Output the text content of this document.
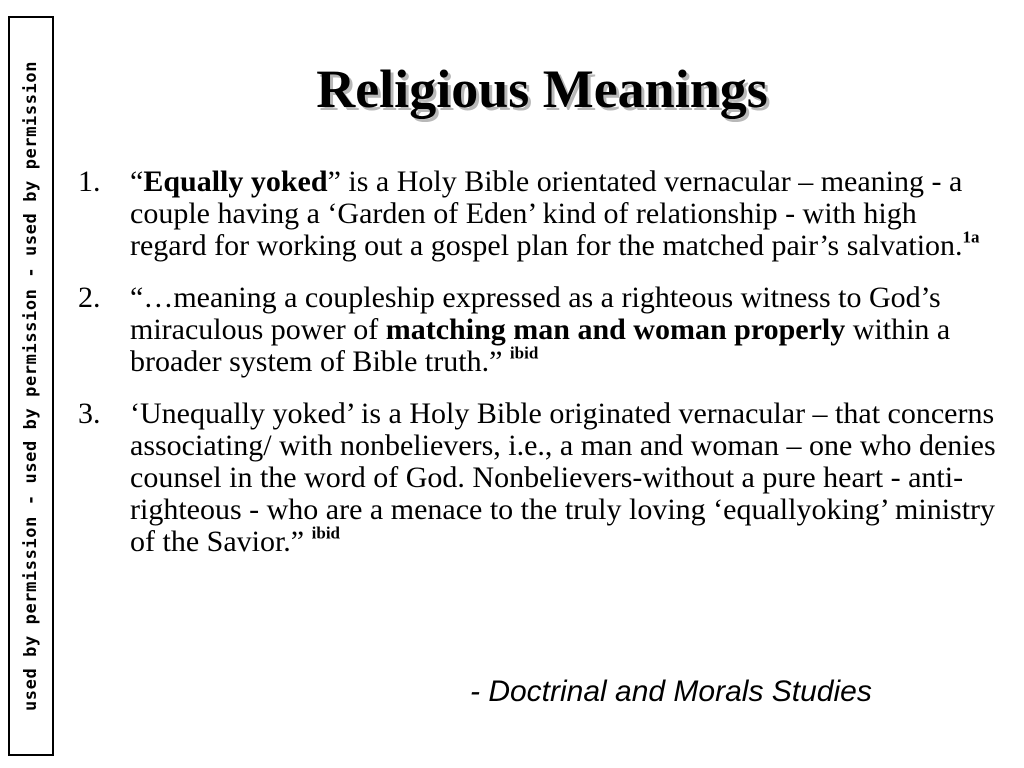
used by permission - used by permission - used by permission	Religious Meanings
1. “Equally yoked” is a Holy Bible orientated vernacular – meaning - a couple having a ‘Garden of Eden’ kind of relationship - with high regard for working out a gospel plan for the matched pair’s salvation.$^{1a}$
2. “…meaning a coupleship expressed as a righteous witness to God’s miraculous power of matching man and woman properly within a broader system of Bible truth.” $^{ibid}$
3. ‘Unequally yoked’ is a Holy Bible originated vernacular – that concerns associating/ with nonbelievers, i.e., a man and woman – one who denies counsel in the word of God. Nonbelievers-without a pure heart - anti-righteous - who are a menace to the truly loving ‘equallyoking’ ministry of the Savior.” $^{ibid}$
- Doctrinal and Morals Studies
